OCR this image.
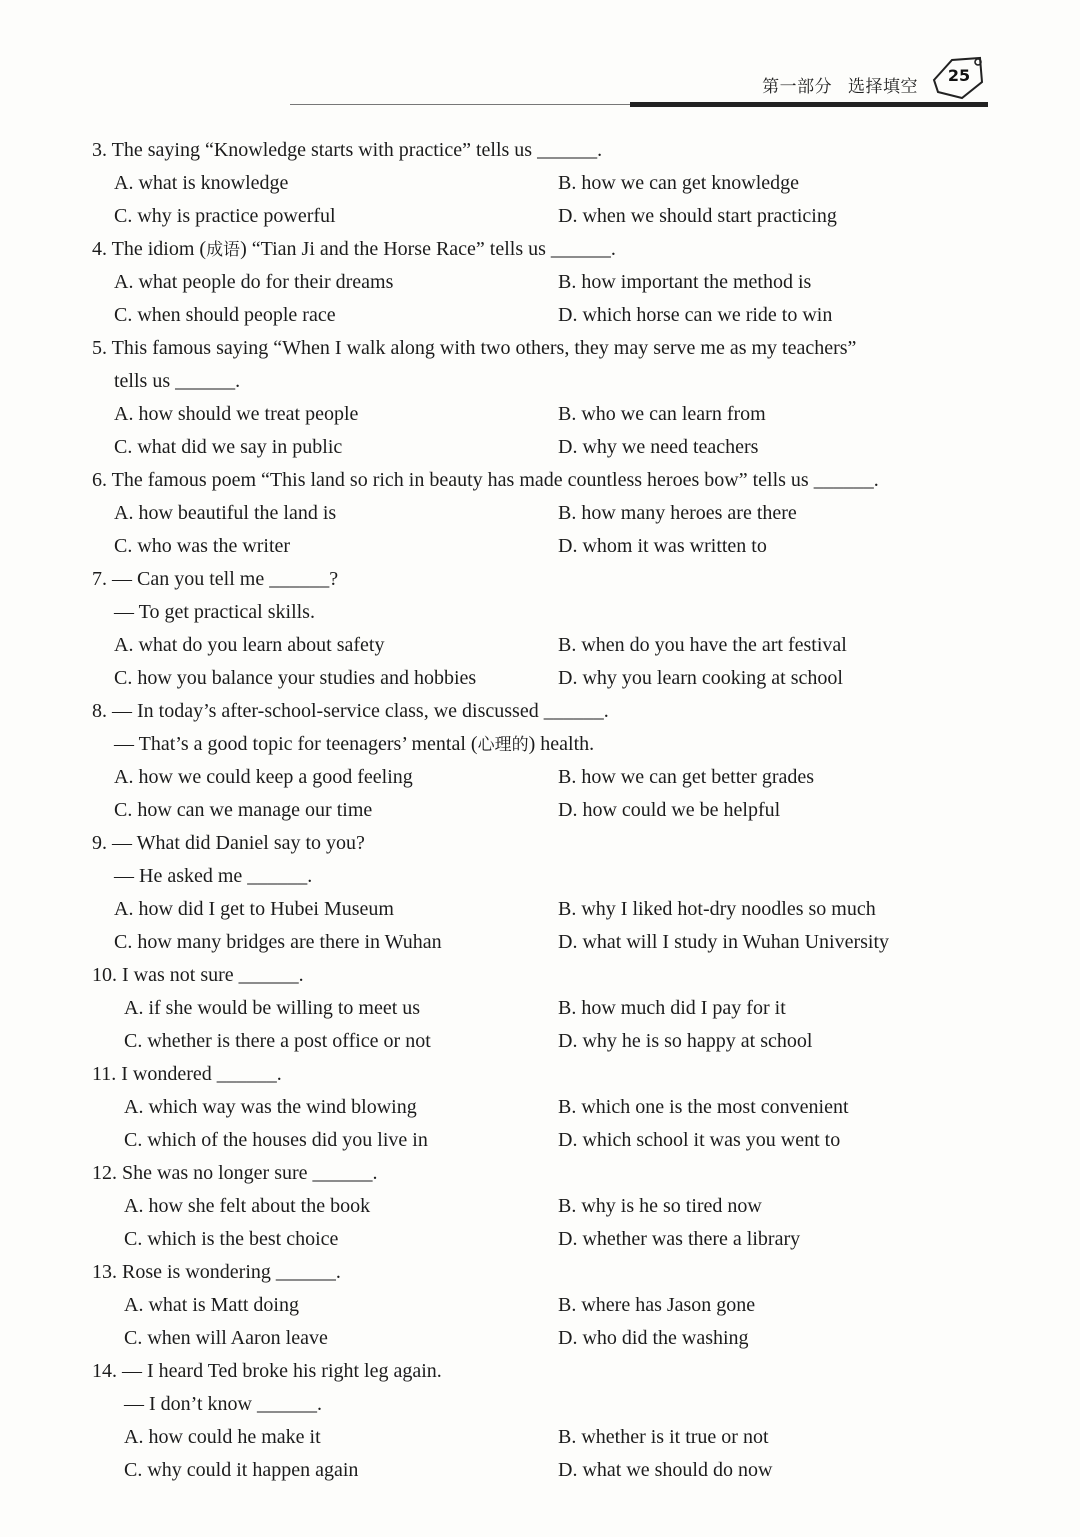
第一部分 选择填空
25
3. The saying “Knowledge starts with practice” tells us ______.
A. what is knowledge	B. how we can get knowledge
C. why is practice powerful	D. when we should start practicing
4. The idiom (成语) “Tian Ji and the Horse Race” tells us ______.
A. what people do for their dreams	B. how important the method is
C. when should people race	D. which horse can we ride to win
5. This famous saying “When I walk along with two others, they may serve me as my teachers”
tells us ______.
A. how should we treat people	B. who we can learn from
C. what did we say in public	D. why we need teachers
6. The famous poem “This land so rich in beauty has made countless heroes bow” tells us ______.
A. how beautiful the land is	B. how many heroes are there
C. who was the writer	D. whom it was written to
7. — Can you tell me ______?
— To get practical skills.
A. what do you learn about safety	B. when do you have the art festival
C. how you balance your studies and hobbies	D. why you learn cooking at school
8. — In today’s after-school-service class, we discussed ______.
— That’s a good topic for teenagers’ mental (心理的) health.
A. how we could keep a good feeling	B. how we can get better grades
C. how can we manage our time	D. how could we be helpful
9. — What did Daniel say to you?
— He asked me ______.
A. how did I get to Hubei Museum	B. why I liked hot-dry noodles so much
C. how many bridges are there in Wuhan	D. what will I study in Wuhan University
10. I was not sure ______.
A. if she would be willing to meet us	B. how much did I pay for it
C. whether is there a post office or not	D. why he is so happy at school
11. I wondered ______.
A. which way was the wind blowing	B. which one is the most convenient
C. which of the houses did you live in	D. which school it was you went to
12. She was no longer sure ______.
A. how she felt about the book	B. why is he so tired now
C. which is the best choice	D. whether was there a library
13. Rose is wondering ______.
A. what is Matt doing	B. where has Jason gone
C. when will Aaron leave	D. who did the washing
14. — I heard Ted broke his right leg again.
— I don’t know ______.
A. how could he make it	B. whether is it true or not
C. why could it happen again	D. what we should do now
